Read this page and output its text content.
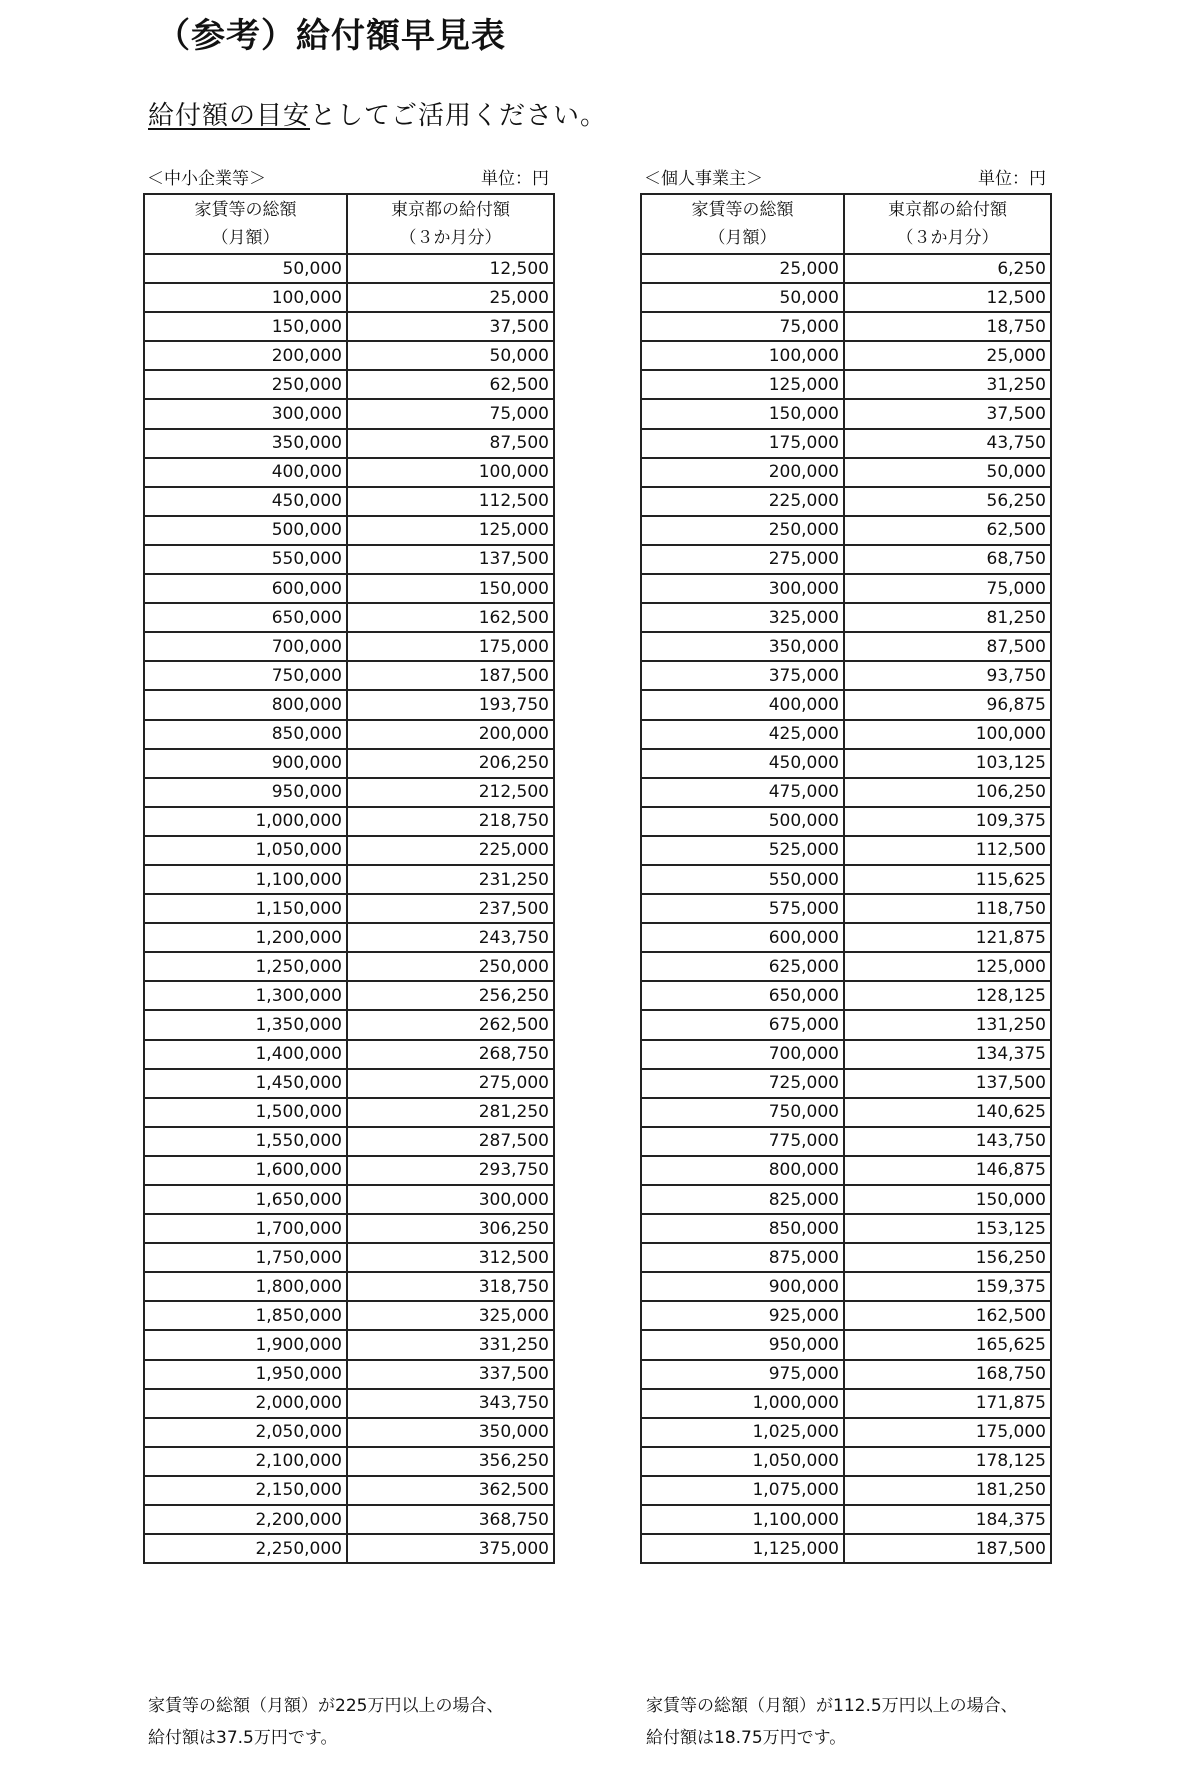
（参考）給付額早見表
給付額の目安としてご活用ください。
＜中小企業等＞	単位：円
家賃等の総額
（月額）	東京都の給付額
（３か月分）
50,000	12,500
100,000	25,000
150,000	37,500
200,000	50,000
250,000	62,500
300,000	75,000
350,000	87,500
400,000	100,000
450,000	112,500
500,000	125,000
550,000	137,500
600,000	150,000
650,000	162,500
700,000	175,000
750,000	187,500
800,000	193,750
850,000	200,000
900,000	206,250
950,000	212,500
1,000,000	218,750
1,050,000	225,000
1,100,000	231,250
1,150,000	237,500
1,200,000	243,750
1,250,000	250,000
1,300,000	256,250
1,350,000	262,500
1,400,000	268,750
1,450,000	275,000
1,500,000	281,250
1,550,000	287,500
1,600,000	293,750
1,650,000	300,000
1,700,000	306,250
1,750,000	312,500
1,800,000	318,750
1,850,000	325,000
1,900,000	331,250
1,950,000	337,500
2,000,000	343,750
2,050,000	350,000
2,100,000	356,250
2,150,000	362,500
2,200,000	368,750
2,250,000	375,000
＜個人事業主＞	単位：円
家賃等の総額
（月額）	東京都の給付額
（３か月分）
25,000	6,250
50,000	12,500
75,000	18,750
100,000	25,000
125,000	31,250
150,000	37,500
175,000	43,750
200,000	50,000
225,000	56,250
250,000	62,500
275,000	68,750
300,000	75,000
325,000	81,250
350,000	87,500
375,000	93,750
400,000	96,875
425,000	100,000
450,000	103,125
475,000	106,250
500,000	109,375
525,000	112,500
550,000	115,625
575,000	118,750
600,000	121,875
625,000	125,000
650,000	128,125
675,000	131,250
700,000	134,375
725,000	137,500
750,000	140,625
775,000	143,750
800,000	146,875
825,000	150,000
850,000	153,125
875,000	156,250
900,000	159,375
925,000	162,500
950,000	165,625
975,000	168,750
1,000,000	171,875
1,025,000	175,000
1,050,000	178,125
1,075,000	181,250
1,100,000	184,375
1,125,000	187,500
家賃等の総額（月額）が225万円以上の場合、
給付額は37.5万円です。
家賃等の総額（月額）が112.5万円以上の場合、
給付額は18.75万円です。
